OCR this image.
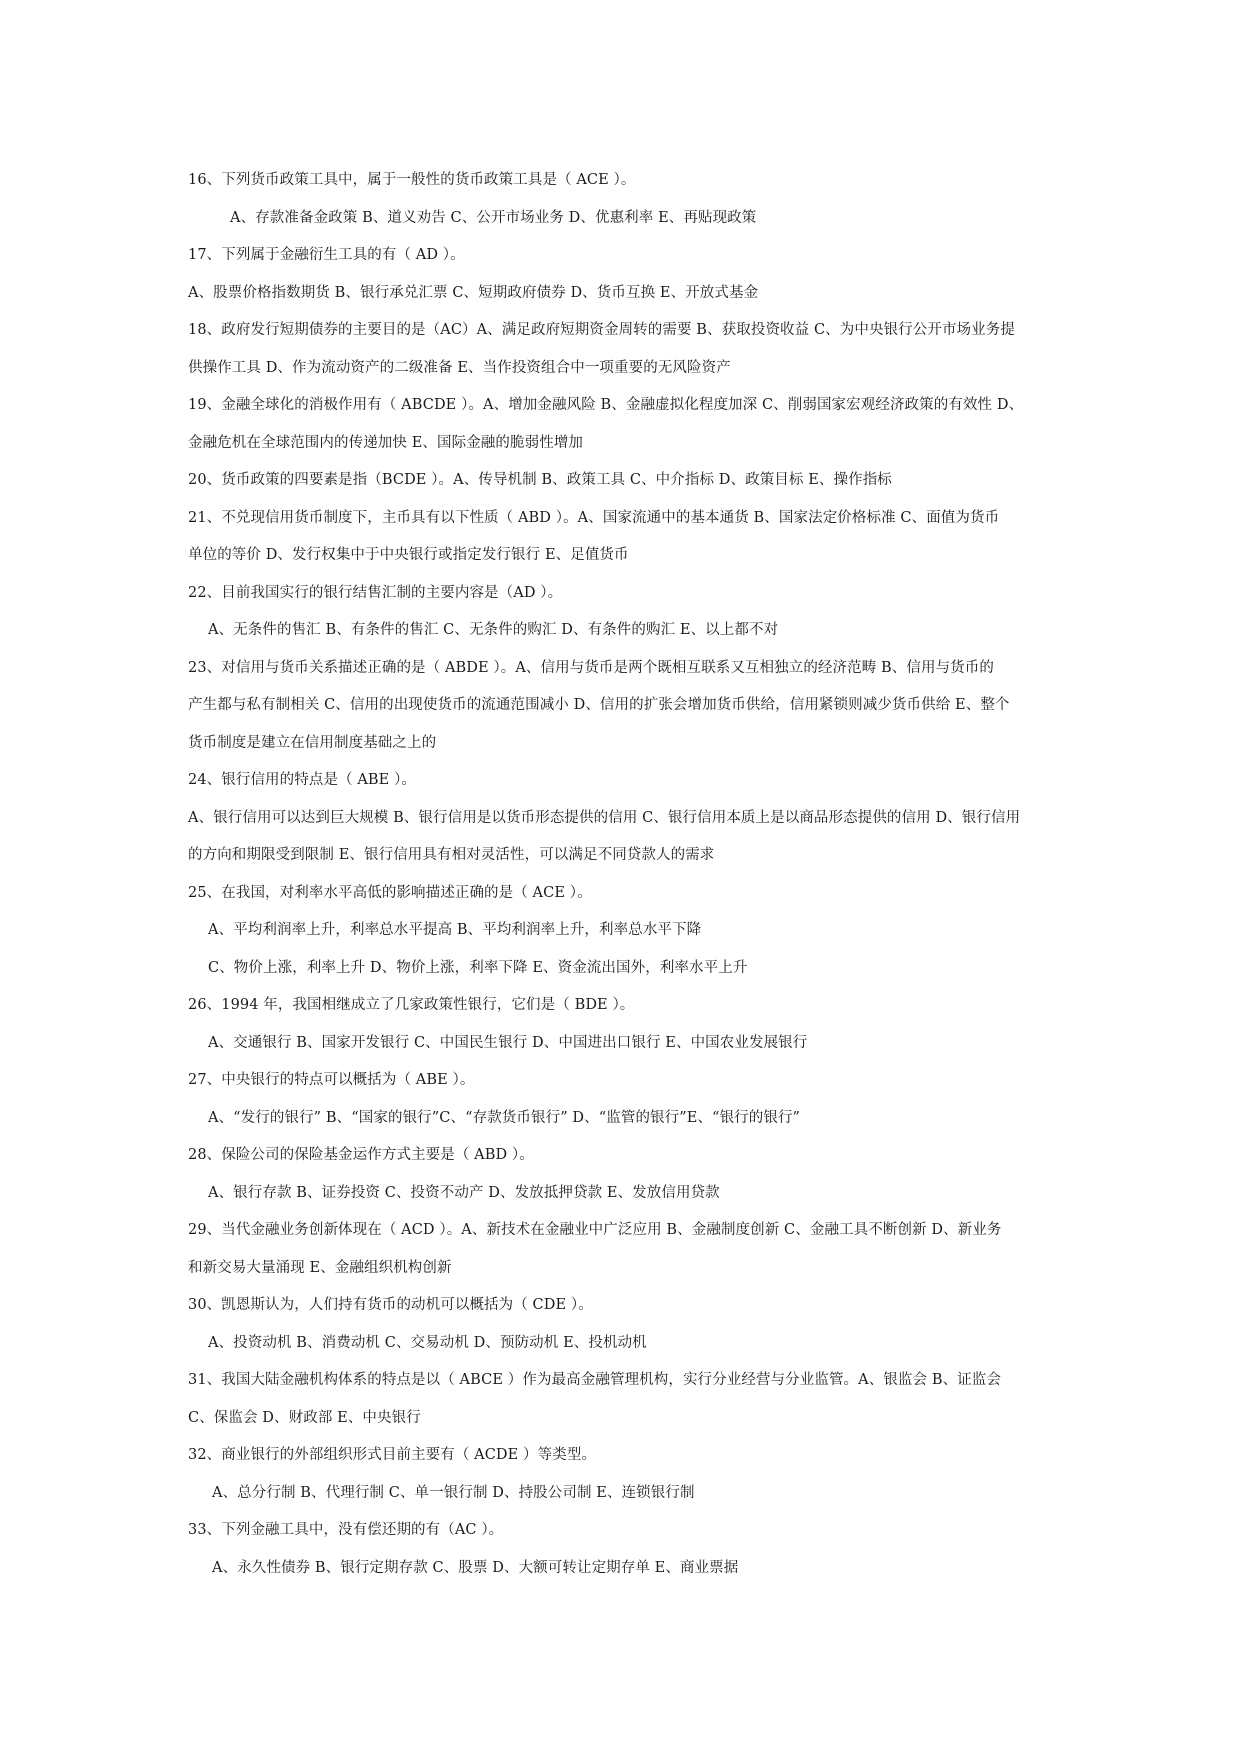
16、下列货币政策工具中，属于一般性的货币政策工具是（ ACE ）。
A、存款准备金政策 B、道义劝告 C、公开市场业务 D、优惠利率 E、再贴现政策
17、下列属于金融衍生工具的有（ AD ）。
A、股票价格指数期货 B、银行承兑汇票 C、短期政府债券 D、货币互换 E、开放式基金
18、政府发行短期债券的主要目的是（AC）A、满足政府短期资金周转的需要 B、获取投资收益 C、为中央银行公开市场业务提
供操作工具 D、作为流动资产的二级准备 E、当作投资组合中一项重要的无风险资产
19、金融全球化的消极作用有（ ABCDE ）。A、增加金融风险 B、金融虚拟化程度加深 C、削弱国家宏观经济政策的有效性 D、
金融危机在全球范围内的传递加快 E、国际金融的脆弱性增加
20、货币政策的四要素是指（BCDE ）。A、传导机制 B、政策工具 C、中介指标 D、政策目标 E、操作指标
21、不兑现信用货币制度下，主币具有以下性质（ ABD ）。A、国家流通中的基本通货 B、国家法定价格标准 C、面值为货币
单位的等价 D、发行权集中于中央银行或指定发行银行 E、足值货币
22、目前我国实行的银行结售汇制的主要内容是（AD ）。
A、无条件的售汇 B、有条件的售汇 C、无条件的购汇 D、有条件的购汇 E、以上都不对
23、对信用与货币关系描述正确的是（ ABDE ）。A、信用与货币是两个既相互联系又互相独立的经济范畴 B、信用与货币的
产生都与私有制相关 C、信用的出现使货币的流通范围减小 D、信用的扩张会增加货币供给，信用紧锁则减少货币供给 E、整个
货币制度是建立在信用制度基础之上的
24、银行信用的特点是（ ABE ）。
A、银行信用可以达到巨大规模 B、银行信用是以货币形态提供的信用 C、银行信用本质上是以商品形态提供的信用 D、银行信用
的方向和期限受到限制 E、银行信用具有相对灵活性，可以满足不同贷款人的需求
25、在我国，对利率水平高低的影响描述正确的是（ ACE ）。
A、平均利润率上升，利率总水平提高 B、平均利润率上升，利率总水平下降
C、物价上涨，利率上升 D、物价上涨，利率下降 E、资金流出国外，利率水平上升
26、1994 年，我国相继成立了几家政策性银行，它们是（ BDE ）。
A、交通银行 B、国家开发银行 C、中国民生银行 D、中国进出口银行 E、中国农业发展银行
27、中央银行的特点可以概括为（ ABE ）。
A、“发行的银行” B、“国家的银行”C、“存款货币银行” D、“监管的银行”E、“银行的银行”
28、保险公司的保险基金运作方式主要是（ ABD ）。
A、银行存款 B、证券投资 C、投资不动产 D、发放抵押贷款 E、发放信用贷款
29、当代金融业务创新体现在（ ACD ）。A、新技术在金融业中广泛应用 B、金融制度创新 C、金融工具不断创新 D、新业务
和新交易大量涌现 E、金融组织机构创新
30、凯恩斯认为，人们持有货币的动机可以概括为（ CDE ）。
A、投资动机 B、消费动机 C、交易动机 D、预防动机 E、投机动机
31、我国大陆金融机构体系的特点是以（ ABCE ）作为最高金融管理机构，实行分业经营与分业监管。A、银监会 B、证监会
C、保监会 D、财政部 E、中央银行
32、商业银行的外部组织形式目前主要有（ ACDE ）等类型。
A、总分行制 B、代理行制 C、单一银行制 D、持股公司制 E、连锁银行制
33、下列金融工具中，没有偿还期的有（AC ）。
A、永久性债券 B、银行定期存款 C、股票 D、大额可转让定期存单 E、商业票据
